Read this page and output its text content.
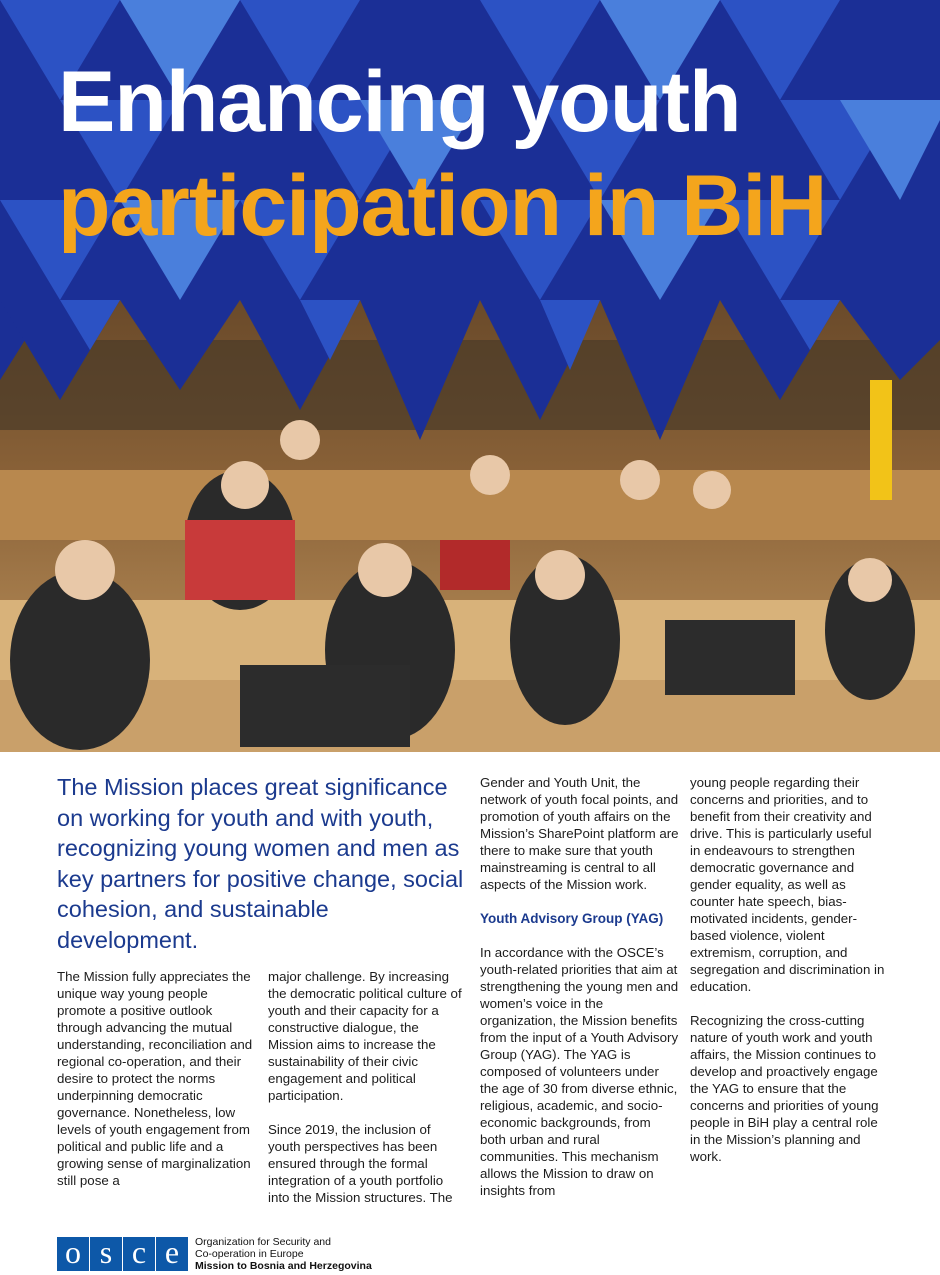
Enhancing youth
participation in BiH

The Mission places great significance on working for youth and with youth, recognizing young women and men as key partners for positive change, social cohesion, and sustainable development.

The Mission fully appreciates the unique way young people promote a positive outlook through advancing the mutual understanding, reconciliation and regional co-operation, and their desire to protect the norms underpinning democratic governance. Nonetheless, low levels of youth engagement from political and public life and a growing sense of marginalization still pose a

major challenge. By increasing the democratic political culture of youth and their capacity for a constructive dialogue, the Mission aims to increase the sustainability of their civic engagement and political participation.

Since 2019, the inclusion of youth perspectives has been ensured through the formal integration of a youth portfolio into the Mission structures. The

Gender and Youth Unit, the network of youth focal points, and promotion of youth affairs on the Mission’s SharePoint platform are there to make sure that youth mainstreaming is central to all aspects of the Mission work.

Youth Advisory Group (YAG)

In accordance with the OSCE’s youth-related priorities that aim at strengthening the young men and women’s voice in the organization, the Mission benefits from the input of a Youth Advisory Group (YAG). The YAG is composed of volunteers under the age of 30 from diverse ethnic, religious, academic, and socio-economic backgrounds, from both urban and rural communities. This mechanism allows the Mission to draw on insights from

young people regarding their concerns and priorities, and to benefit from their creativity and drive. This is particularly useful in endeavours to strengthen democratic governance and gender equality, as well as counter hate speech, bias-motivated incidents, gender-based violence, violent extremism, corruption, and segregation and discrimination in education.

Recognizing the cross-cutting nature of youth work and youth affairs, the Mission continues to develop and proactively engage the YAG to ensure that the concerns and priorities of young people in BiH play a central role in the Mission’s planning and work.

o s c e	Organization for Security and
Co-operation in Europe
Mission to Bosnia and Herzegovina
